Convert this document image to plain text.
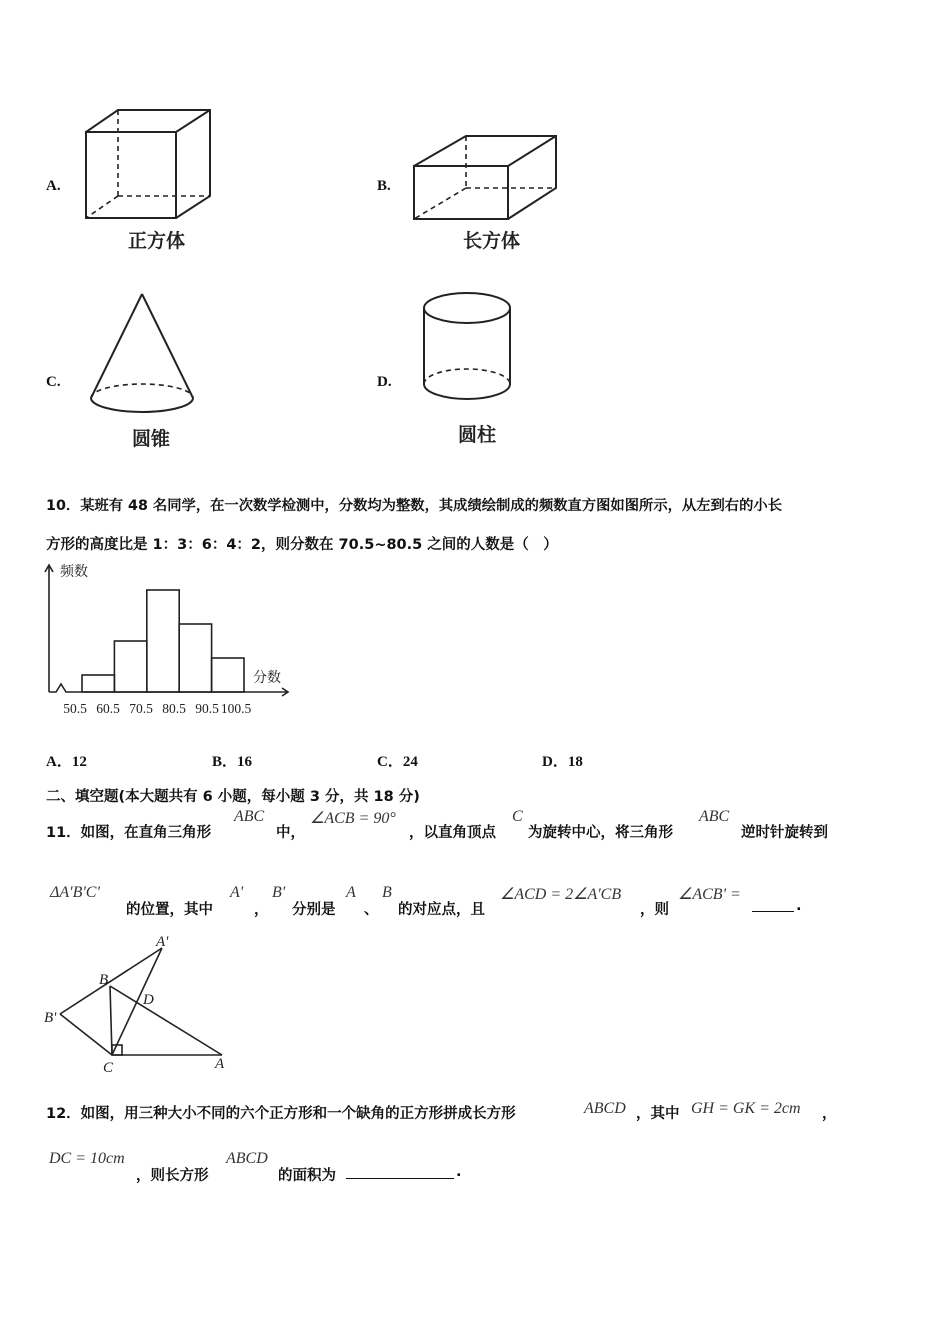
A.
正方体
B.
长方体
C.
圆锥
D.
圆柱
10．某班有 48 名同学，在一次数学检测中，分数均为整数，其成绩绘制成的频数直方图如图所示，从左到右的小长
方形的高度比是 1：3：6：4：2，则分数在 70.5~80.5 之间的人数是（　）
50.5 60.5 70.5 80.5 90.5 100.5
频数
分数
A．12	B．16	C．24	D．18
二、填空题(本大题共有 6 小题，每小题 3 分，共 18 分)
11．如图，在直角三角形
ABC
中，
∠ACB = 90°
，以直角顶点
C
为旋转中心，将三角形
ABC
逆时针旋转到
ΔA'B'C'
的位置，其中
A'
，
B'
分别是
A
、
B
的对应点，且
∠ACD = 2∠A'CB
，则
∠ACB' =
.
A'
B
D
B'
C	A
12．如图，用三种大小不同的六个正方形和一个缺角的正方形拼成长方形	ABCD ，其中 GH = GK = 2cm ，
DC = 10cm
，则长方形
ABCD
的面积为	.
